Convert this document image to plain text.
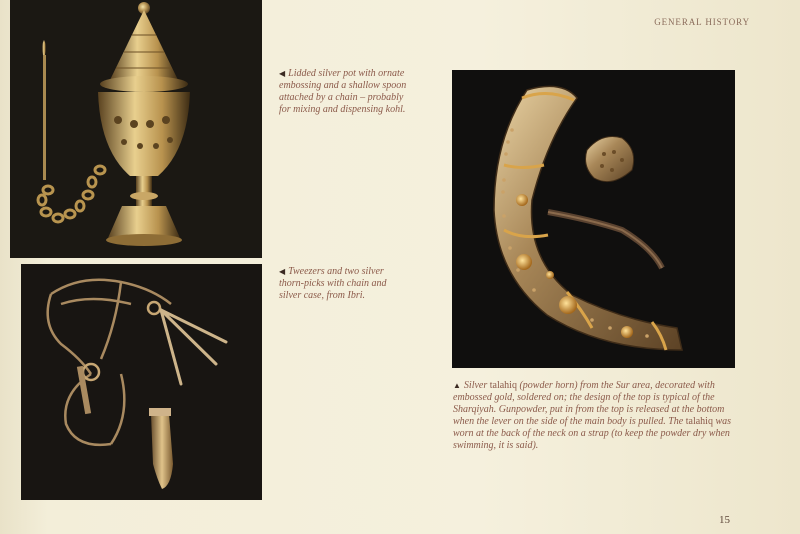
GENERAL HISTORY
◀ Lidded silver pot with ornate embossing and a shallow spoon attached by a chain – probably for mixing and dispensing kohl.
◀ Tweezers and two silver thorn-picks with chain and silver case, from Ibri.
▲ Silver talahiq (powder horn) from the Sur area, decorated with embossed gold, soldered on; the design of the top is typical of the Sharqiyah. Gunpowder, put in from the top is released at the bottom when the lever on the side of the main body is pulled. The talahiq was worn at the back of the neck on a strap (to keep the powder dry when swimming, it is said).
15
